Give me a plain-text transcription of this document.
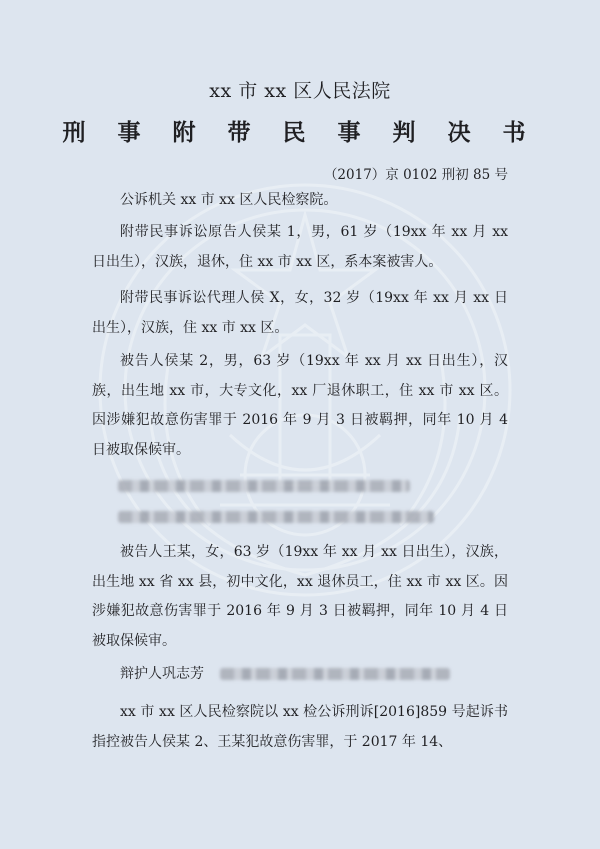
xx 市 xx 区人民法院
刑 事 附 带 民 事 判 决 书
（2017）京 0102 刑初 85 号
公诉机关 xx 市 xx 区人民检察院。
附带民事诉讼原告人侯某 1，男，61 岁（19xx 年 xx 月 xx 日出生），汉族，退休，住 xx 市 xx 区，系本案被害人。
附带民事诉讼代理人侯 X，女，32 岁（19xx 年 xx 月 xx 日出生），汉族，住 xx 市 xx 区。
被告人侯某 2，男，63 岁（19xx 年 xx 月 xx 日出生），汉族，出生地 xx 市，大专文化，xx 厂退休职工，住 xx 市 xx 区。因涉嫌犯故意伤害罪于 2016 年 9 月 3 日被羁押，同年 10 月 4 日被取保候审。
被告人王某，女，63 岁（19xx 年 xx 月 xx 日出生），汉族，出生地 xx 省 xx 县，初中文化，xx 退休员工，住 xx 市 xx 区。因涉嫌犯故意伤害罪于 2016 年 9 月 3 日被羁押，同年 10 月 4 日被取保候审。
辩护人巩志芳
xx 市 xx 区人民检察院以 xx 检公诉刑诉[2016]859 号起诉书指控被告人侯某 2、王某犯故意伤害罪，于 2017 年 14、
